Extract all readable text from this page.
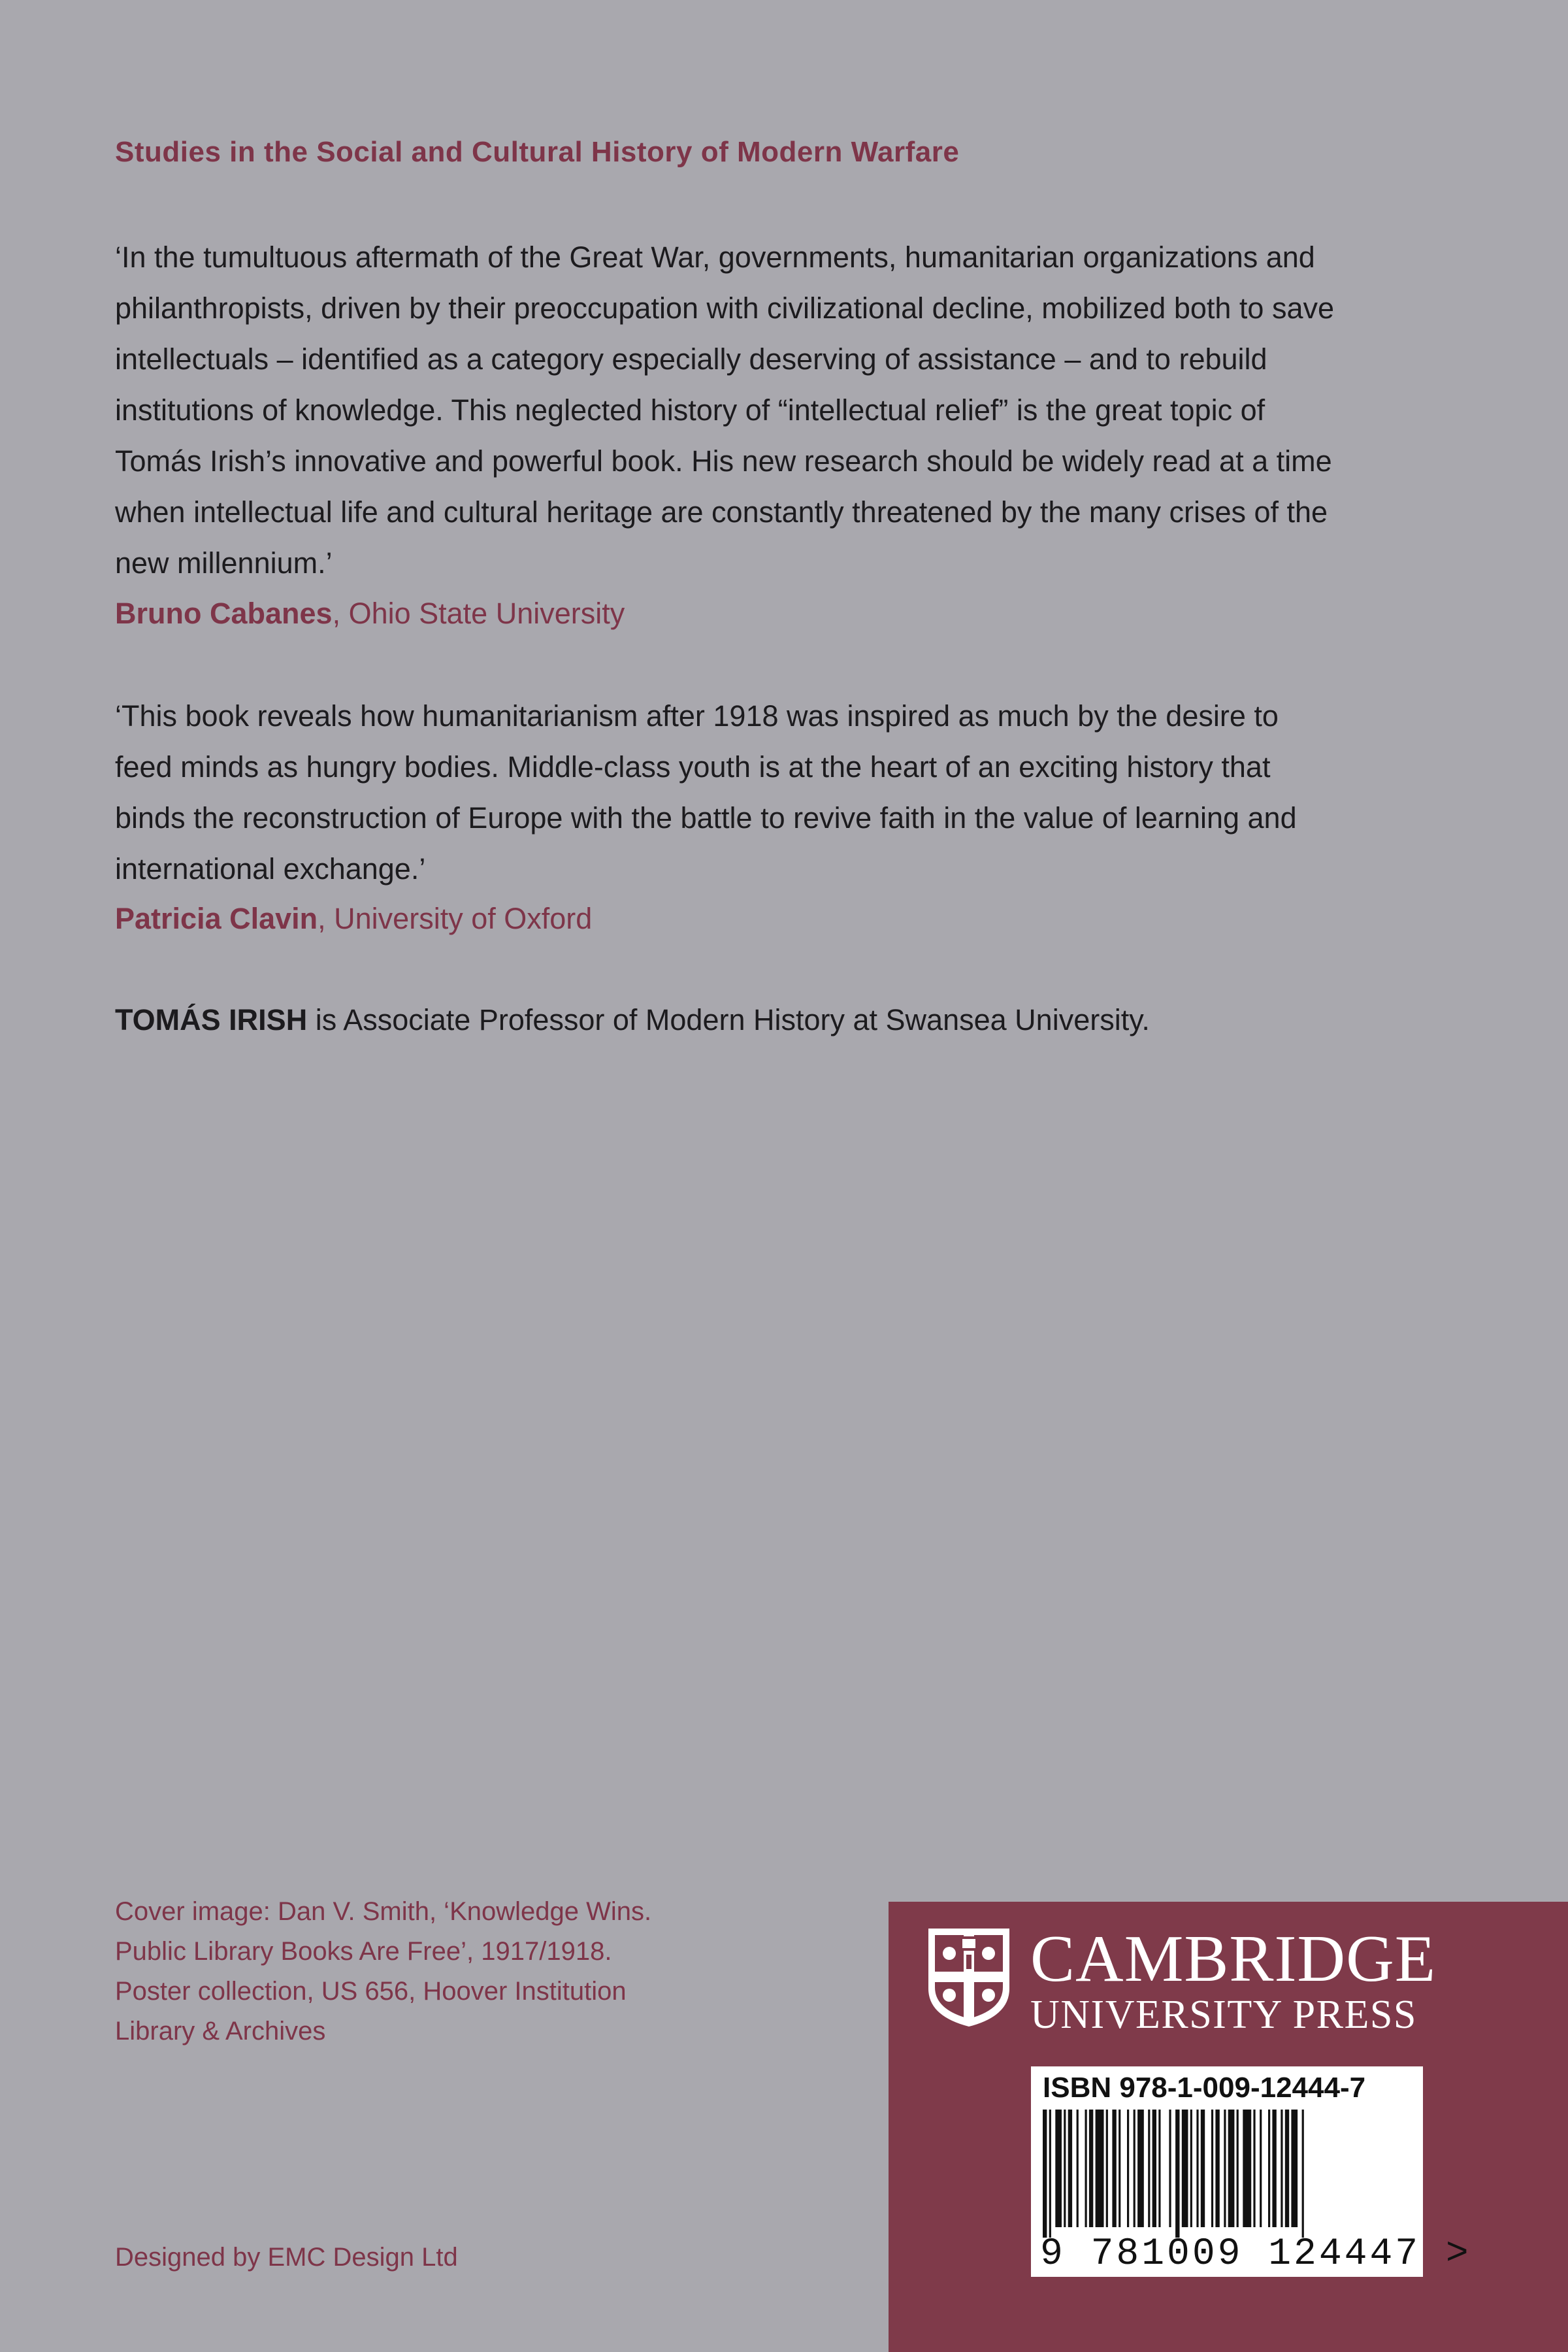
Studies in the Social and Cultural History of Modern Warfare
‘In the tumultuous aftermath of the Great War, governments, humanitarian organizations and
philanthropists, driven by their preoccupation with civilizational decline, mobilized both to save
intellectuals – identified as a category especially deserving of assistance – and to rebuild
institutions of knowledge. This neglected history of “intellectual relief” is the great topic of
Tomás Irish’s innovative and powerful book. His new research should be widely read at a time
when intellectual life and cultural heritage are constantly threatened by the many crises of the
new millennium.’

Bruno Cabanes, Ohio State University

‘This book reveals how humanitarianism after 1918 was inspired as much by the desire to
feed minds as hungry bodies. Middle-class youth is at the heart of an exciting history that
binds the reconstruction of Europe with the battle to revive faith in the value of learning and
international exchange.’

Patricia Clavin, University of Oxford

TOMÁS IRISH is Associate Professor of Modern History at Swansea University.

Cover image: Dan V. Smith, ‘Knowledge Wins.
Public Library Books Are Free’, 1917/1918.
Poster collection, US 656, Hoover Institution
Library & Archives

Designed by EMC Design Ltd

CAMBRIDGE
UNIVERSITY PRESS

ISBN 978-1-009-12444-7

9 781009 124447 >
